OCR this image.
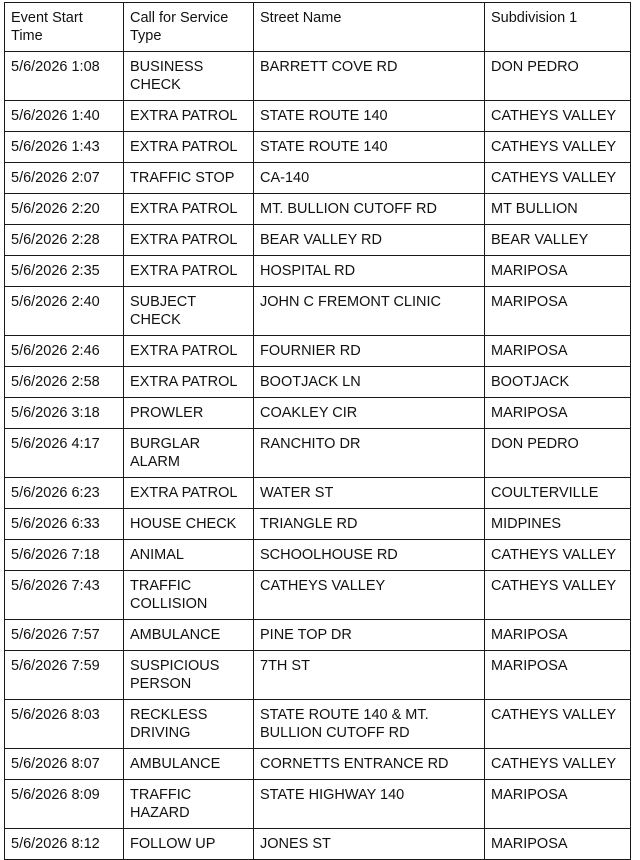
Event Start Time	Call for Service Type	Street Name	Subdivision 1
5/6/2026 1:08	BUSINESS CHECK	BARRETT COVE RD	DON PEDRO
5/6/2026 1:40	EXTRA PATROL	STATE ROUTE 140	CATHEYS VALLEY
5/6/2026 1:43	EXTRA PATROL	STATE ROUTE 140	CATHEYS VALLEY
5/6/2026 2:07	TRAFFIC STOP	CA-140	CATHEYS VALLEY
5/6/2026 2:20	EXTRA PATROL	MT. BULLION CUTOFF RD	MT BULLION
5/6/2026 2:28	EXTRA PATROL	BEAR VALLEY RD	BEAR VALLEY
5/6/2026 2:35	EXTRA PATROL	HOSPITAL RD	MARIPOSA
5/6/2026 2:40	SUBJECT CHECK	JOHN C FREMONT CLINIC	MARIPOSA
5/6/2026 2:46	EXTRA PATROL	FOURNIER RD	MARIPOSA
5/6/2026 2:58	EXTRA PATROL	BOOTJACK LN	BOOTJACK
5/6/2026 3:18	PROWLER	COAKLEY CIR	MARIPOSA
5/6/2026 4:17	BURGLAR ALARM	RANCHITO DR	DON PEDRO
5/6/2026 6:23	EXTRA PATROL	WATER ST	COULTERVILLE
5/6/2026 6:33	HOUSE CHECK	TRIANGLE RD	MIDPINES
5/6/2026 7:18	ANIMAL	SCHOOLHOUSE RD	CATHEYS VALLEY
5/6/2026 7:43	TRAFFIC COLLISION	CATHEYS VALLEY	CATHEYS VALLEY
5/6/2026 7:57	AMBULANCE	PINE TOP DR	MARIPOSA
5/6/2026 7:59	SUSPICIOUS PERSON	7TH ST	MARIPOSA
5/6/2026 8:03	RECKLESS DRIVING	STATE ROUTE 140 & MT. BULLION CUTOFF RD	CATHEYS VALLEY
5/6/2026 8:07	AMBULANCE	CORNETTS ENTRANCE RD	CATHEYS VALLEY
5/6/2026 8:09	TRAFFIC HAZARD	STATE HIGHWAY 140	MARIPOSA
5/6/2026 8:12	FOLLOW UP	JONES ST	MARIPOSA
